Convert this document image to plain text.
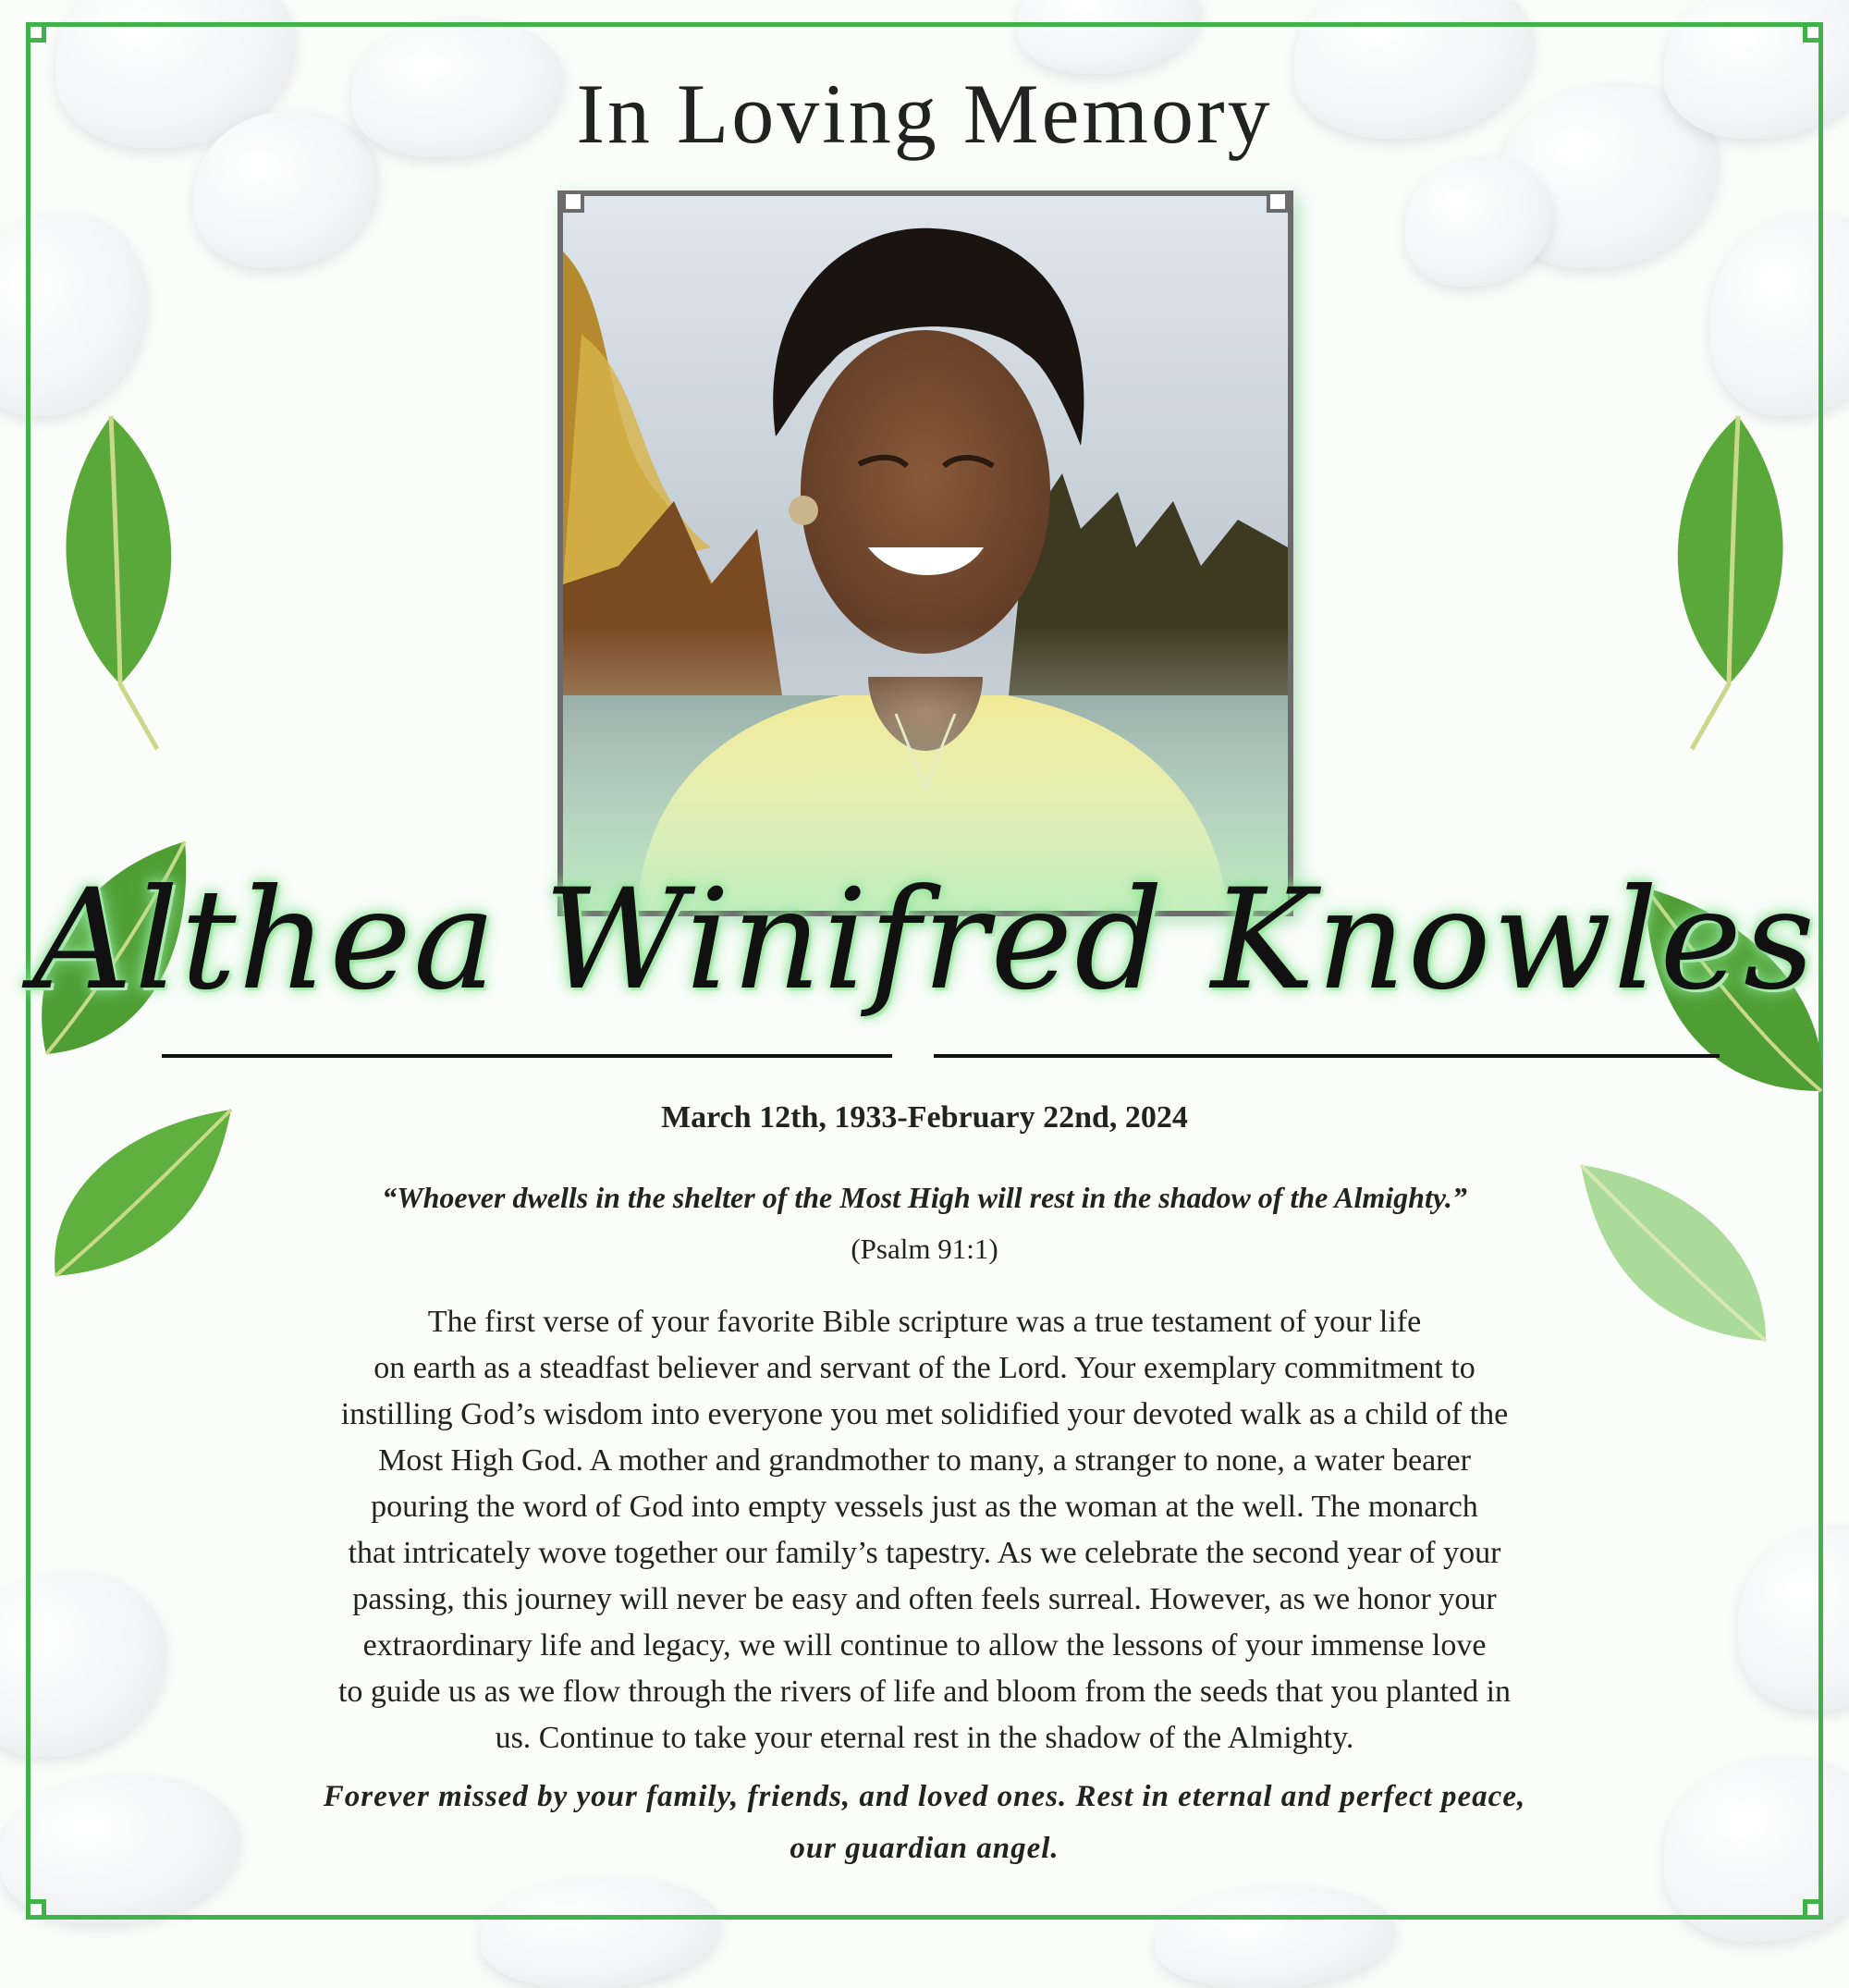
In Loving Memory
Althea Winifred Knowles
March 12th, 1933-February 22nd, 2024
“Whoever dwells in the shelter of the Most High will rest in the shadow of the Almighty.”
(Psalm 91:1)
The first verse of your favorite Bible scripture was a true testament of your life
on earth as a steadfast believer and servant of the Lord. Your exemplary commitment to
instilling God’s wisdom into everyone you met solidified your devoted walk as a child of the
Most High God. A mother and grandmother to many, a stranger to none, a water bearer
pouring the word of God into empty vessels just as the woman at the well. The monarch
that intricately wove together our family’s tapestry. As we celebrate the second year of your
passing, this journey will never be easy and often feels surreal. However, as we honor your
extraordinary life and legacy, we will continue to allow the lessons of your immense love
to guide us as we flow through the rivers of life and bloom from the seeds that you planted in
us. Continue to take your eternal rest in the shadow of the Almighty.
Forever missed by your family, friends, and loved ones. Rest in eternal and perfect peace,
our guardian angel.
